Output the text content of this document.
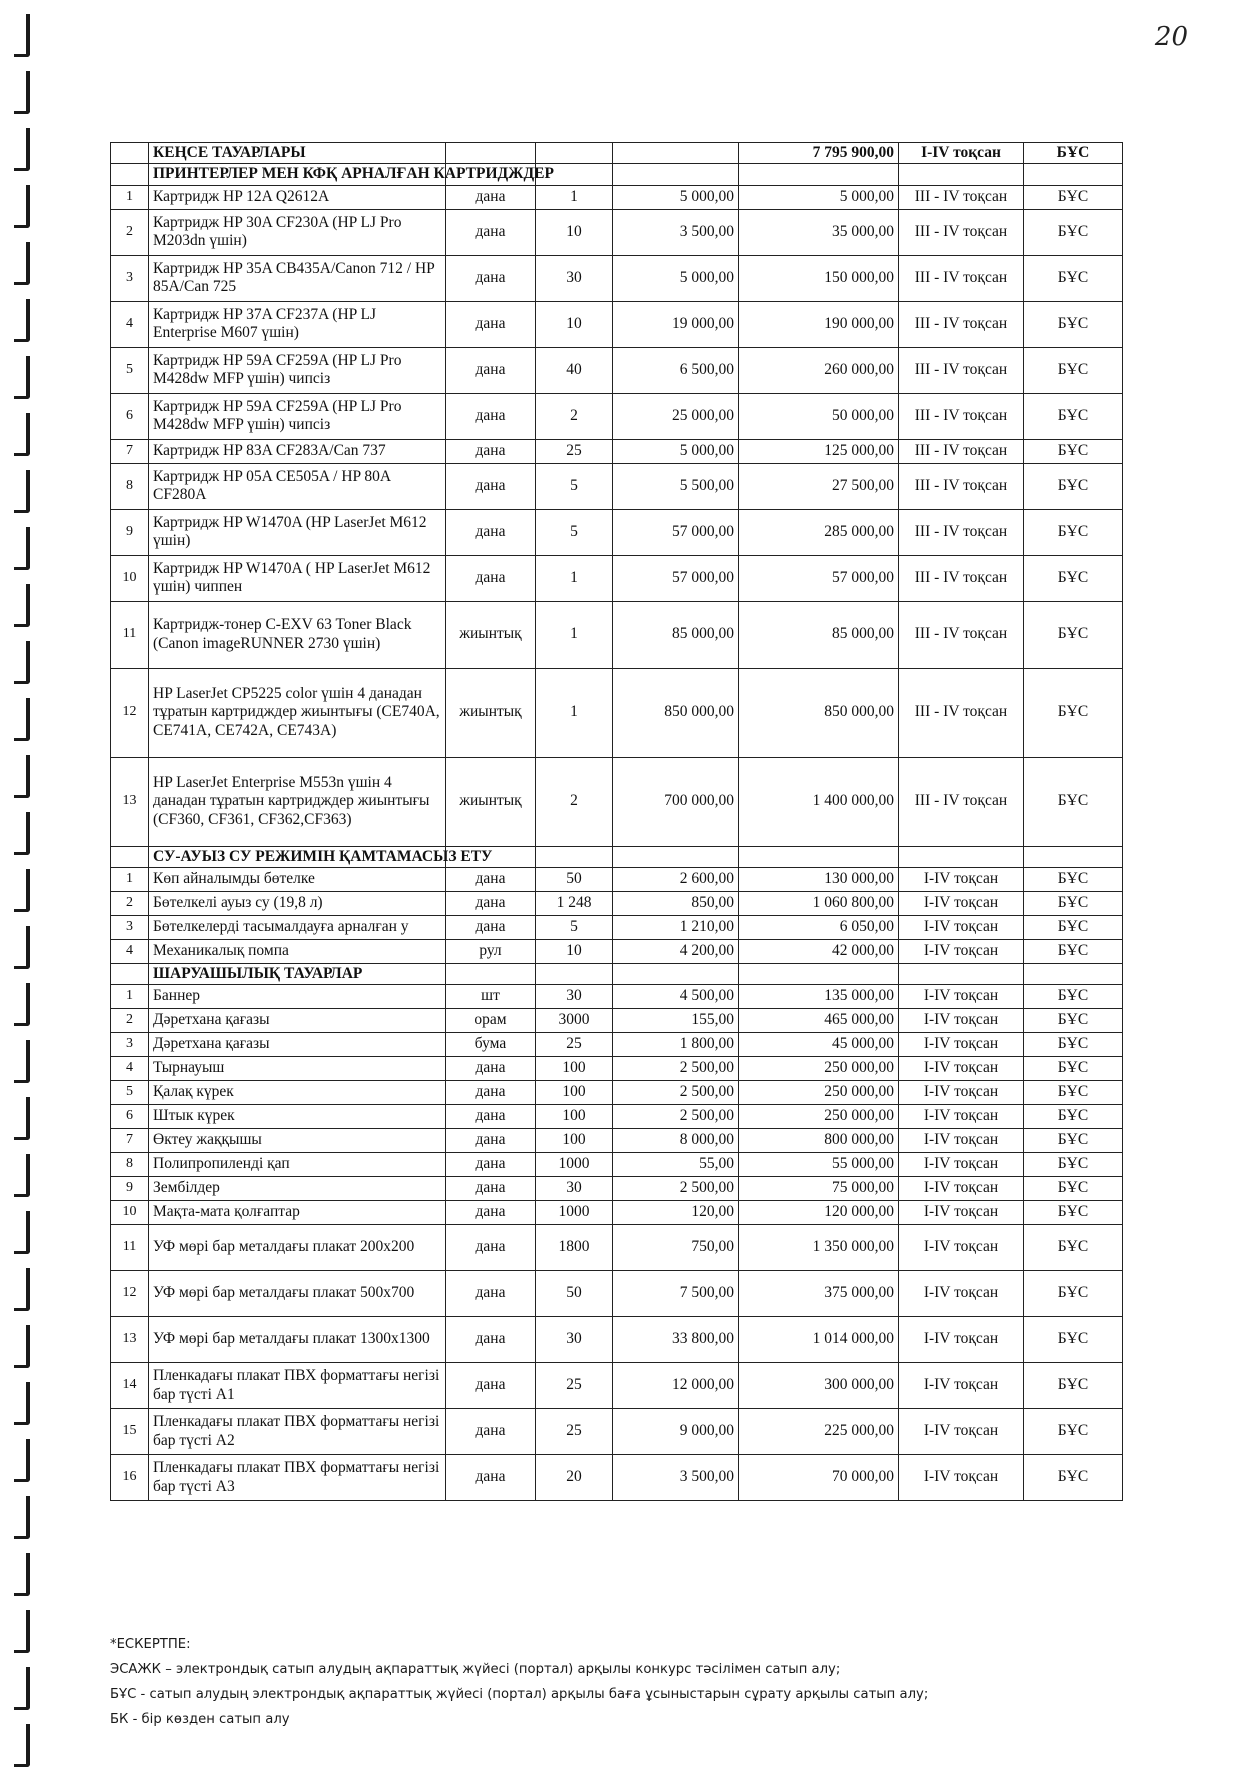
20
	КЕҢСЕ ТАУАРЛАРЫ				7 795 900,00	I-IV тоқсан	БҰС
	ПРИНТЕРЛЕР МЕН КФҚ АРНАЛҒАН КАРТРИДЖДЕР						
1	Картридж HP 12A Q2612A	дана	1	5 000,00	5 000,00	III - IV тоқсан	БҰС
2	Картридж HP 30A CF230A (HP LJ Pro M203dn үшін)	дана	10	3 500,00	35 000,00	III - IV тоқсан	БҰС
3	Картридж HP 35A CB435A/Canon 712 / HP 85A/Can 725	дана	30	5 000,00	150 000,00	III - IV тоқсан	БҰС
4	Картридж HP 37A CF237A (HP LJ Enterprise M607 үшін)	дана	10	19 000,00	190 000,00	III - IV тоқсан	БҰС
5	Картридж HP 59A CF259A (HP LJ Pro M428dw MFP үшін) чипсіз	дана	40	6 500,00	260 000,00	III - IV тоқсан	БҰС
6	Картридж HP 59A CF259A (HP LJ Pro M428dw MFP үшін) чипсіз	дана	2	25 000,00	50 000,00	III - IV тоқсан	БҰС
7	Картридж HP 83A CF283A/Can 737	дана	25	5 000,00	125 000,00	III - IV тоқсан	БҰС
8	Картридж HP 05A CE505A / HP 80A CF280A	дана	5	5 500,00	27 500,00	III - IV тоқсан	БҰС
9	Картридж HP W1470A (HP LaserJet M612 үшін)	дана	5	57 000,00	285 000,00	III - IV тоқсан	БҰС
10	Картридж HP W1470A ( HP LaserJet M612 үшін) чиппен	дана	1	57 000,00	57 000,00	III - IV тоқсан	БҰС
11	Картридж-тонер C-EXV 63 Toner Black (Canon imageRUNNER 2730 үшін)	жиынтық	1	85 000,00	85 000,00	III - IV тоқсан	БҰС
12	HP LaserJet CP5225 color үшін 4 данадан тұратын картридждер жиынтығы (CE740A, CE741A, CE742A, CE743A)	жиынтық	1	850 000,00	850 000,00	III - IV тоқсан	БҰС
13	HP LaserJet Enterprise M553n үшін 4 данадан тұратын картридждер жиынтығы (CF360, CF361, CF362,CF363)	жиынтық	2	700 000,00	1 400 000,00	III - IV тоқсан	БҰС
	СУ-АУЫЗ СУ РЕЖИМІН ҚАМТАМАСЫЗ ЕТУ						
1	Көп айналымды бөтелке	дана	50	2 600,00	130 000,00	I-IV тоқсан	БҰС
2	Бөтелкелі ауыз су (19,8 л)	дана	1 248	850,00	1 060 800,00	I-IV тоқсан	БҰС
3	Бөтелкелерді тасымалдауға арналған у	дана	5	1 210,00	6 050,00	I-IV тоқсан	БҰС
4	Механикалық помпа	рул	10	4 200,00	42 000,00	I-IV тоқсан	БҰС
	ШАРУАШЫЛЫҚ ТАУАРЛАР						
1	Баннер	шт	30	4 500,00	135 000,00	I-IV тоқсан	БҰС
2	Дәретхана қағазы	орам	3000	155,00	465 000,00	I-IV тоқсан	БҰС
3	Дәретхана қағазы	бума	25	1 800,00	45 000,00	I-IV тоқсан	БҰС
4	Тырнауыш	дана	100	2 500,00	250 000,00	I-IV тоқсан	БҰС
5	Қалақ күрек	дана	100	2 500,00	250 000,00	I-IV тоқсан	БҰС
6	Штык күрек	дана	100	2 500,00	250 000,00	I-IV тоқсан	БҰС
7	Өктеу жаққышы	дана	100	8 000,00	800 000,00	I-IV тоқсан	БҰС
8	Полипропиленді қап	дана	1000	55,00	55 000,00	I-IV тоқсан	БҰС
9	Зембілдер	дана	30	2 500,00	75 000,00	I-IV тоқсан	БҰС
10	Мақта-мата қолғаптар	дана	1000	120,00	120 000,00	I-IV тоқсан	БҰС
11	УФ мөрі бар металдағы плакат 200х200	дана	1800	750,00	1 350 000,00	I-IV тоқсан	БҰС
12	УФ мөрі бар металдағы плакат 500х700	дана	50	7 500,00	375 000,00	I-IV тоқсан	БҰС
13	УФ мөрі бар металдағы плакат 1300х1300	дана	30	33 800,00	1 014 000,00	I-IV тоқсан	БҰС
14	Пленкадағы плакат ПВХ форматтағы негізі бар түсті А1	дана	25	12 000,00	300 000,00	I-IV тоқсан	БҰС
15	Пленкадағы плакат ПВХ форматтағы негізі бар түсті А2	дана	25	9 000,00	225 000,00	I-IV тоқсан	БҰС
16	Пленкадағы плакат ПВХ форматтағы негізі бар түсті А3	дана	20	3 500,00	70 000,00	I-IV тоқсан	БҰС
*ЕСКЕРТПЕ:
ЭСАЖК – электрондық сатып алудың ақпараттық жүйесі (портал) арқылы конкурс тәсілімен сатып алу;
БҰС - сатып алудың электрондық ақпараттық жүйесі (портал) арқылы баға ұсыныстарын сұрату арқылы сатып алу;
БК - бір көзден сатып алу
